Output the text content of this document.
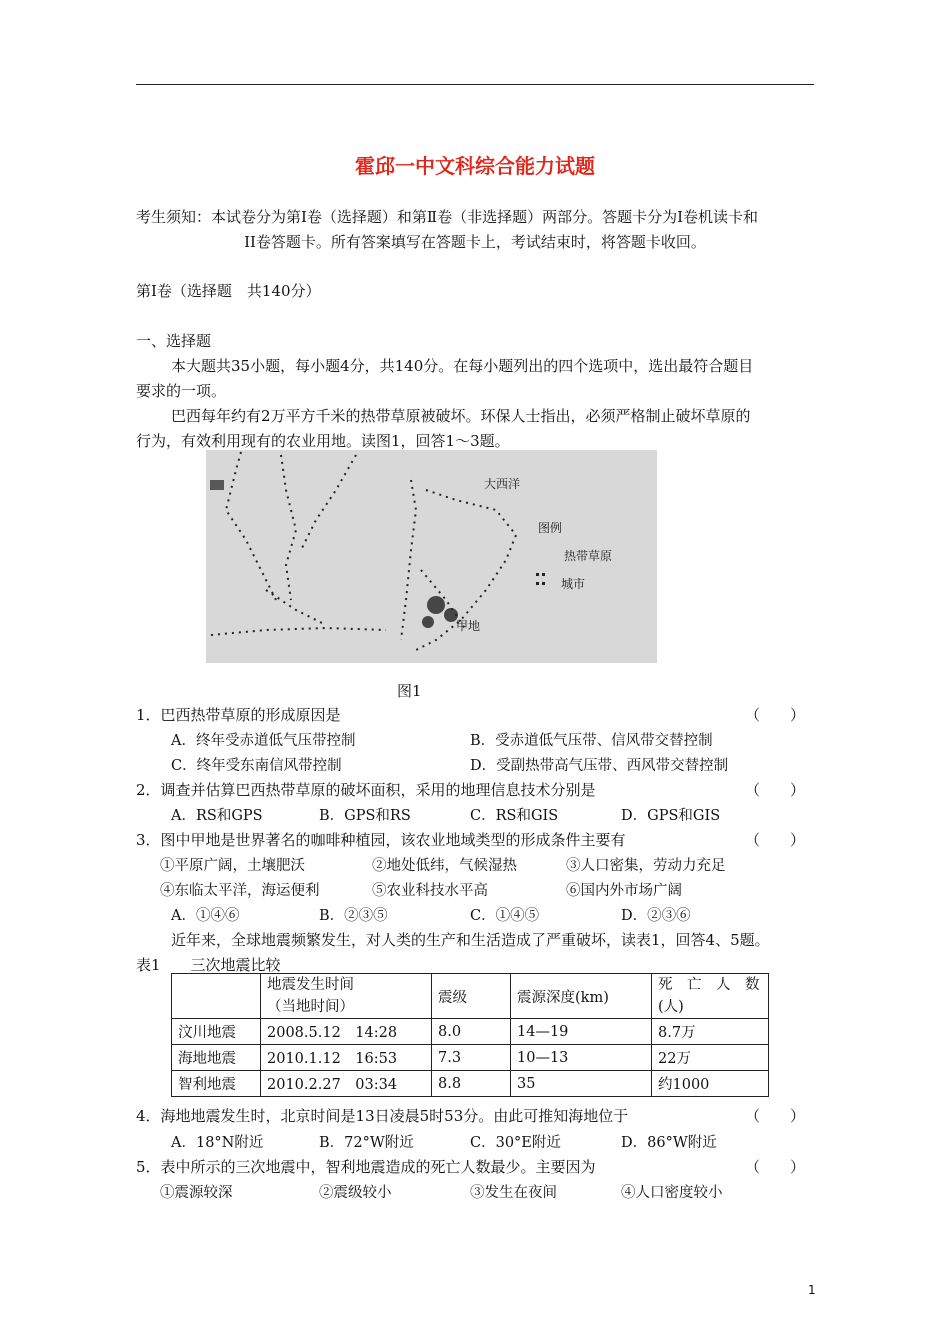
霍邱一中文科综合能力试题
考生须知：本试卷分为第Ⅰ卷（选择题）和第Ⅱ卷（非选择题）两部分。答题卡分为Ⅰ卷机读卡和
II卷答题卡。所有答案填写在答题卡上，考试结束时，将答题卡收回。
第Ⅰ卷（选择题　共140分）
一、选择题
本大题共35小题，每小题4分，共140分。在每小题列出的四个选项中，选出最符合题目
要求的一项。
巴西每年约有2万平方千米的热带草原被破坏。环保人士指出，必须严格制止破坏草原的
行为，有效利用现有的农业用地。读图1，回答1～3题。
大西洋
图例
热带草原
城市
甲地
图1
1．巴西热带草原的形成原因是	（　　）
A．终年受赤道低气压带控制	B．受赤道低气压带、信风带交替控制
C．终年受东南信风带控制	D．受副热带高气压带、西风带交替控制
2．调查并估算巴西热带草原的破坏面积，采用的地理信息技术分别是	（　　）
A．RS和GPS	B．GPS和RS	C．RS和GIS	D．GPS和GIS
3．图中甲地是世界著名的咖啡种植园，该农业地域类型的形成条件主要有	（　　）
①平原广阔，土壤肥沃	②地处低纬，气候湿热	③人口密集，劳动力充足
④东临太平洋，海运便利	⑤农业科技水平高	⑥国内外市场广阔
A．①④⑥	B．②③⑤	C．①④⑤	D．②③⑥
近年来，全球地震频繁发生，对人类的生产和生活造成了严重破坏，读表1，回答4、5题。
表1　　三次地震比较
	地震发生时间
（当地时间）	震级	震源深度(km)	死　亡　人　数
(人)
汶川地震	2008.5.12　14:28	8.0	14—19	8.7万
海地地震	2010.1.12　16:53	7.3	10—13	22万
智利地震	2010.2.27　03:34	8.8	35	约1000
4．海地地震发生时，北京时间是13日凌晨5时53分。由此可推知海地位于	（　　）
A．18°N附近	B．72°W附近	C．30°E附近	D．86°W附近
5．表中所示的三次地震中，智利地震造成的死亡人数最少。主要因为	（　　）
①震源较深	②震级较小	③发生在夜间	④人口密度较小
1
